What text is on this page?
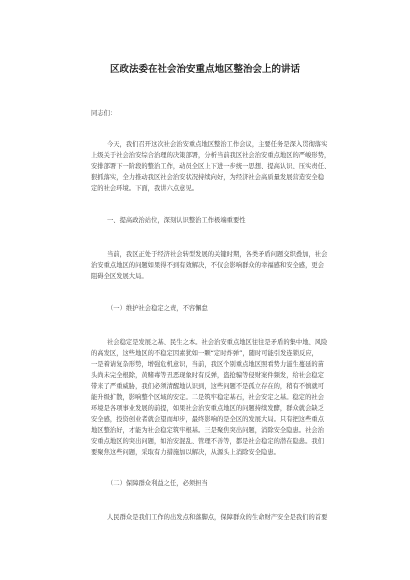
区政法委在社会治安重点地区整治会上的讲话
同志们：
今天，我们召开这次社会治安重点地区整治工作会议，主要任务是深入贯彻落实
上级关于社会治安综合治理的决策部署，分析当前我区社会治安重点地区的严峻形势，
安排部署下一阶段的整治工作，动员全区上下进一步统一思想、提高认识、压实责任、
狠抓落实，全力推动我区社会治安状况持续向好，为经济社会高质量发展营造安全稳
定的社会环境。下面，我讲六点意见。
一、提高政治站位，深刻认识整治工作极端重要性
当前，我区正处于经济社会转型发展的关键时期，各类矛盾问题交织叠加，社会
治安重点地区的问题如果得不到有效解决，不仅会影响群众的幸福感和安全感，更会
阻碍全区发展大局。
（一）维护社会稳定之责，不容懈怠
社会稳定是发展之基、民生之本。社会治安重点地区往往是矛盾的集中地、风险
的高发区，这些地区的不稳定因素犹如一颗“定时炸弹”，随时可能引发连锁反应，
一是着请复杂形势，增强危机意识，当前，我区个别重点地区照看势力滋生蔓延的苗
头尚未完全根除，黄赌毒等丑恶现象时有反弹，盗抢骗等侵财案件频发，给社会稳定
带来了严重威胁，我们必须清醒地认识到，这些问题不是孤立存在的，稍有不慎就可
能升级扩散，影响整个区域的安定。二是筑牢稳定基石，社会安定之基。稳定的社会
环境是各项事业发展的前提，如果社会治安重点地区的问题持续发酵，群众就会缺乏
安全感，投资创业者就会望而却步，最终影响的是全区的发展大局。只有把这些重点
地区整治好，才能为社会稳定筑牢根基。三是聚焦突出问题，消除安全隐患。社会治
安重点地区的突出问题，如治安混乱、管理不善等，都是社会稳定的潜在隐患。我们
要聚焦这些问题，采取有力措施加以解决，从源头上消除安全隐患。
（二）保障群众利益之任，必须担当
人民群众是我们工作的出发点和落脚点，保障群众的生命财产安全是我们的首要
